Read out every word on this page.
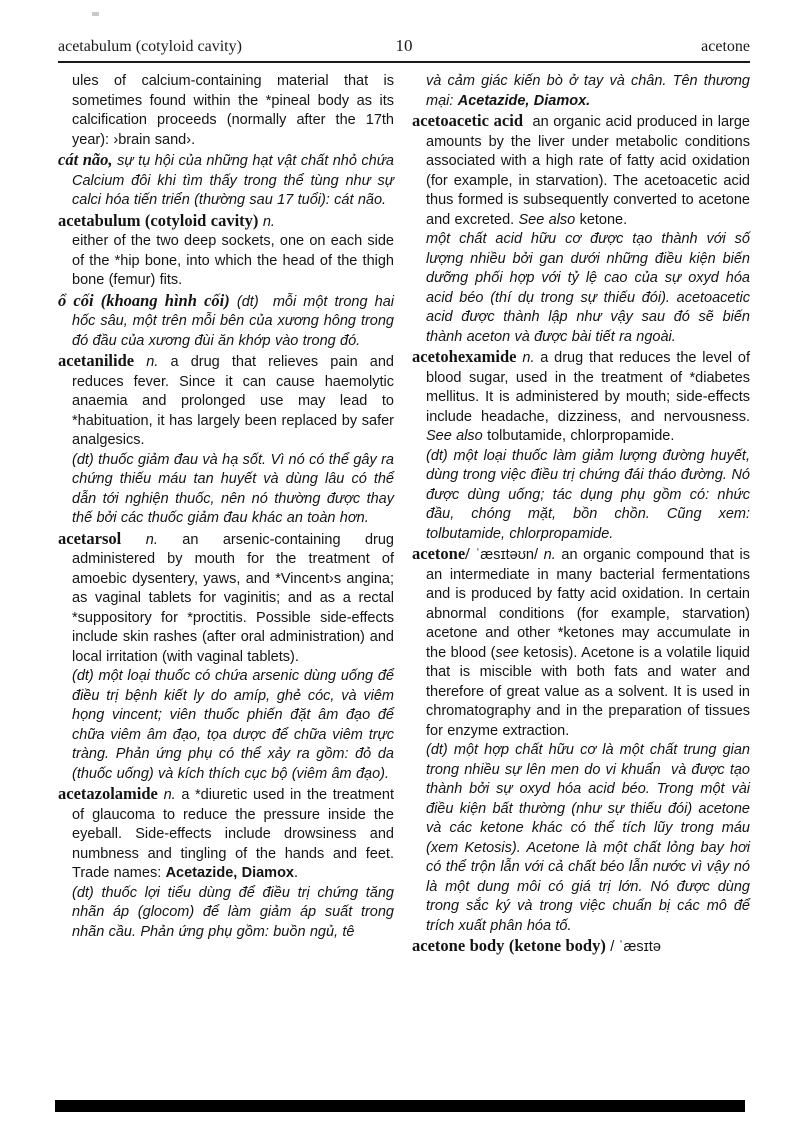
acetabulum (cotyloid cavity)	10	acetone

ules of calcium-containing material that is sometimes found within the *pineal body as its calcification proceeds (normally after the 17th year): ›brain sand›.

cát não, sự tụ hội của những hạt vật chất nhỏ chứa Calcium đôi khi tìm thấy trong thể tùng như sự calci hóa tiến triển (thường sau 17 tuổi): cát não.

acetabulum (cotyloid cavity) n.
either of the two deep sockets, one on each side of the *hip bone, into which the head of the thigh bone (femur) fits.

ổ cối (khoang hình cối) (dt)  mỗi một trong hai hốc sâu, một trên mỗi bên của xương hông trong đó đầu của xương đùi ăn khớp vào trong đó.

acetanilide n. a drug that relieves pain and reduces fever. Since it can cause haemolytic anaemia and prolonged use may lead to *habituation, it has largely been replaced by safer analgesics.

(dt) thuốc giảm đau và hạ sốt. Vì nó có thể gây ra chứng thiếu máu tan huyết và dùng lâu có thể dẫn tới nghiện thuốc, nên nó thường được thay thế bởi các thuốc giảm đau khác an toàn hơn.

acetarsol n. an arsenic-containing drug administered by mouth for the treatment of amoebic dysentery, yaws, and *Vincent›s angina; as vaginal tablets for vaginitis; and as a rectal *suppository for *proctitis. Possible side-effects include skin rashes (after oral administration) and local irritation (with vaginal tablets).

(dt) một loại thuốc có chứa arsenic dùng uống để điều trị bệnh kiết ly do amíp, ghẻ cóc, và viêm họng vincent; viên thuốc phiến đặt âm đạo để chữa viêm âm đạo, tọa dược để chữa viêm trực tràng. Phản ứng phụ có thể xảy ra gồm: đỏ da (thuốc uống) và kích thích cục bộ (viêm âm đạo).

acetazolamide n. a *diuretic used in the treatment of glaucoma to reduce the pressure inside the eyeball. Side-effects include drowsiness and numbness and tingling of the hands and feet. Trade names: Acetazide, Diamox.

(dt) thuốc lợi tiểu dùng để điều trị chứng tăng nhãn áp (glocom) để làm giảm áp suất trong nhãn cầu. Phản ứng phụ gồm: buồn ngủ, tê

và cảm giác kiến bò ở tay và chân. Tên thương mại: Acetazide, Diamox.

acetoacetic acid  an organic acid produced in large amounts by the liver under metabolic conditions associated with a high rate of fatty acid oxidation (for example, in starvation). The acetoacetic acid thus formed is subsequently converted to acetone and excreted. See also ketone.

một chất acid hữu cơ được tạo thành với số lượng nhiều bởi gan dưới những điều kiện biến dưỡng phối hợp với tỷ lệ cao của sự oxyd hóa acid béo (thí dụ trong sự thiếu đói). acetoacetic acid được thành lập như vậy sau đó sẽ biến thành aceton và được bài tiết ra ngoài.

acetohexamide n. a drug that reduces the level of blood sugar, used in the treatment of *diabetes mellitus. It is administered by mouth; side-effects include headache, dizziness, and nervousness. See also tolbutamide, chlorpropamide.

(dt) một loại thuốc làm giảm lượng đường huyết, dùng trong việc điều trị chứng đái tháo đường. Nó được dùng uống; tác dụng phụ gồm có: nhức đầu, chóng mặt, bồn chồn. Cũng xem: tolbutamide, chlorpropamide.

acetone/ ˈæsɪtəʊn/ n. an organic compound that is an intermediate in many bacterial fermentations and is produced by fatty acid oxidation. In certain abnormal conditions (for example, starvation) acetone and other *ketones may accumulate in the blood (see ketosis). Acetone is a volatile liquid that is miscible with both fats and water and therefore of great value as a solvent. It is used in chromatography and in the preparation of tissues for enzyme extraction.

(dt) một hợp chất hữu cơ là một chất trung gian trong nhiều sự lên men do vi khuẩn  và được tạo thành bởi sự oxyd hóa acid béo. Trong một vài điều kiện bất thường (như sự thiếu đói) acetone và các ketone khác có thể tích lũy trong máu (xem Ketosis). Acetone là một chất lỏng bay hơi có thể trộn lẫn với cả chất béo lẫn nước vì vậy nó là một dung môi có giá trị lớn. Nó được dùng trong sắc ký và trong việc chuẩn bị các mô để trích xuất phân hóa tố.

acetone body (ketone body) / ˈæsɪtə
